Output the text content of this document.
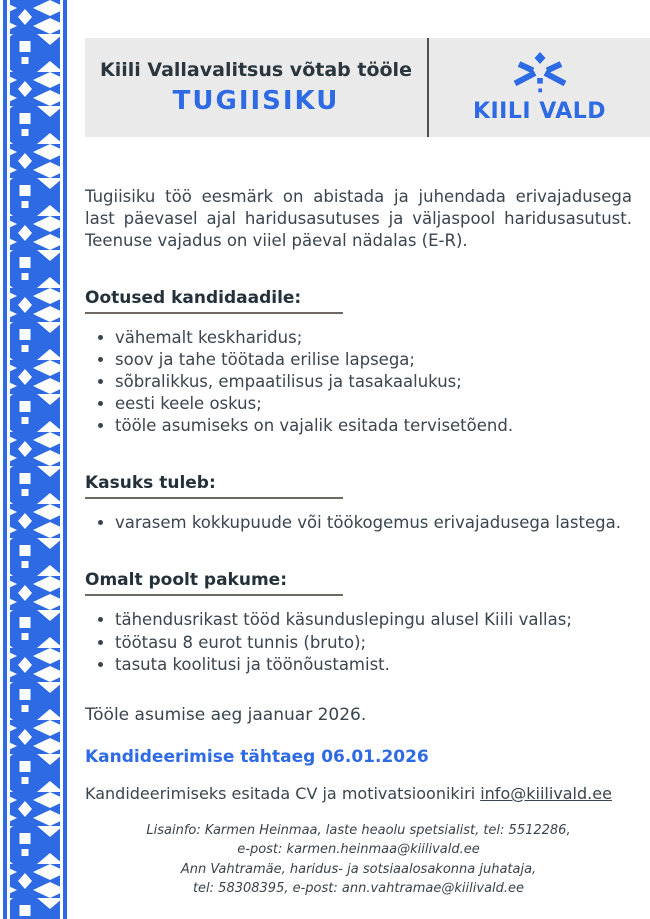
Kiili Vallavalitsus võtab tööle
TUGIISIKU	KIILI VALD

Tugiisiku töö eesmärk on abistada ja juhendada erivajadusega last päevasel ajal haridusasutuses ja väljaspool haridusasutust. Teenuse vajadus on viiel päeval nädalas (E-R).

Ootused kandidaadile:
• vähemalt keskharidus;
• soov ja tahe töötada erilise lapsega;
• sõbralikkus, empaatilisus ja tasakaalukus;
• eesti keele oskus;
• tööle asumiseks on vajalik esitada tervisetõend.
Kasuks tuleb:
• varasem kokkupuude või töökogemus erivajadusega lastega.
Omalt poolt pakume:
• tähendusrikast tööd käsunduslepingu alusel Kiili vallas;
• töötasu 8 eurot tunnis (bruto);
• tasuta koolitusi ja töönõustamist.

Tööle asumise aeg jaanuar 2026.

Kandideerimise tähtaeg 06.01.2026

Kandideerimiseks esitada CV ja motivatsioonikiri info@kiilivald.ee

Lisainfo: Karmen Heinmaa, laste heaolu spetsialist, tel: 5512286,
e-post: karmen.heinmaa@kiilivald.ee
Ann Vahtramäe, haridus- ja sotsiaalosakonna juhataja,
tel: 58308395, e-post: ann.vahtramae@kiilivald.ee
